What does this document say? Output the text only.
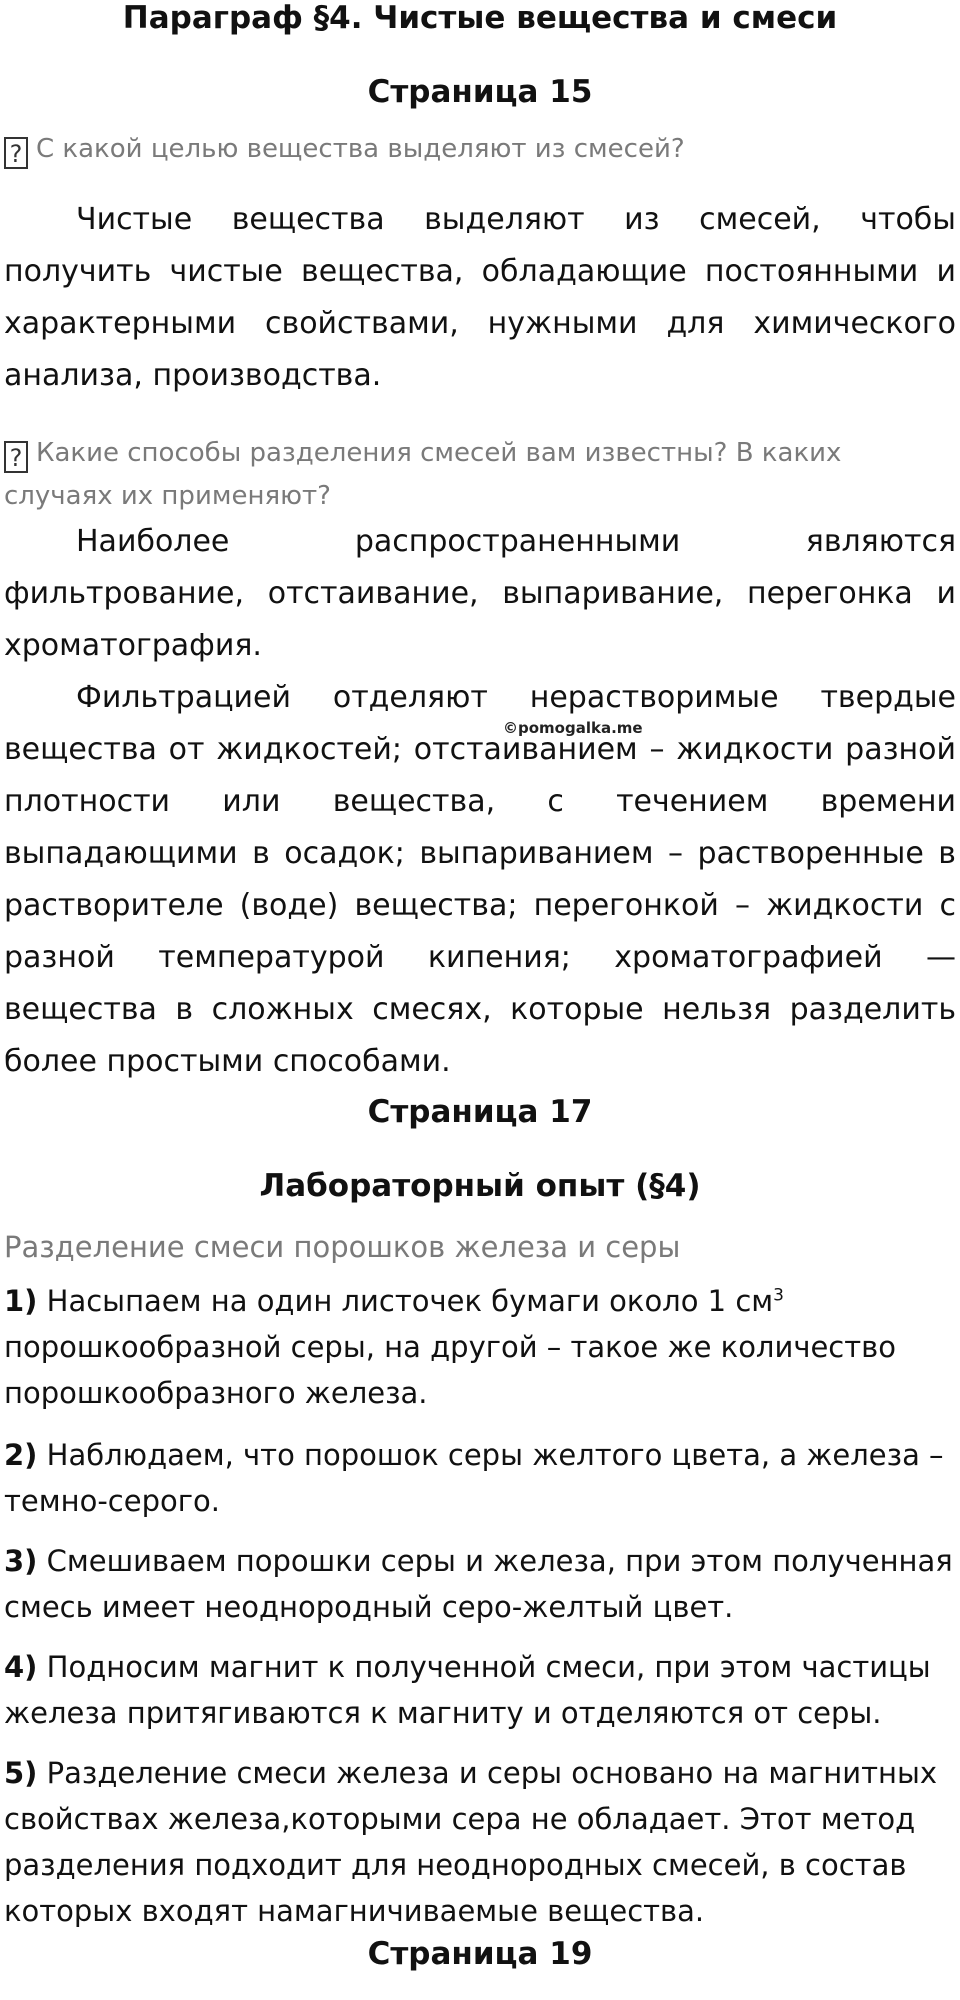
Параграф §4. Чистые вещества и смеси
Страница 15
? С какой целью вещества выделяют из смесей?
Чистые вещества выделяют из смесей, чтобы получить чистые вещества, обладающие постоянными и характерными свойствами, нужными для химического анализа, производства.
? Какие способы разделения смесей вам известны? В каких случаях их применяют?
Наиболее распространенными являются фильтрование, отстаивание, выпаривание, перегонка и хроматография.
Фильтрацией отделяют нерастворимые твердые вещества от жидкостей; отстаиванием – жидкости разной плотности или вещества, с течением времени выпадающими в осадок; выпариванием – растворенные в растворителе (воде) вещества; перегонкой – жидкости с разной температурой кипения; хроматографией — вещества в сложных смесях, которые нельзя разделить более простыми способами.
©pomogalka.me
Страница 17
Лабораторный опыт (§4)
Разделение смеси порошков железа и серы
1) Насыпаем на один листочек бумаги около 1 $см^3$ порошкообразной серы, на другой – такое же количество порошкообразного железа.
2) Наблюдаем, что порошок серы желтого цвета, а железа – темно-серого.
3) Смешиваем порошки серы и железа, при этом полученная смесь имеет неоднородный серо-желтый цвет.
4) Подносим магнит к полученной смеси, при этом частицы железа притягиваются к магниту и отделяются от серы.
5) Разделение смеси железа и серы основано на магнитных свойствах железа,которыми сера не обладает. Этот метод разделения подходит для неоднородных смесей, в состав которых входят намагничиваемые вещества.
Страница 19
